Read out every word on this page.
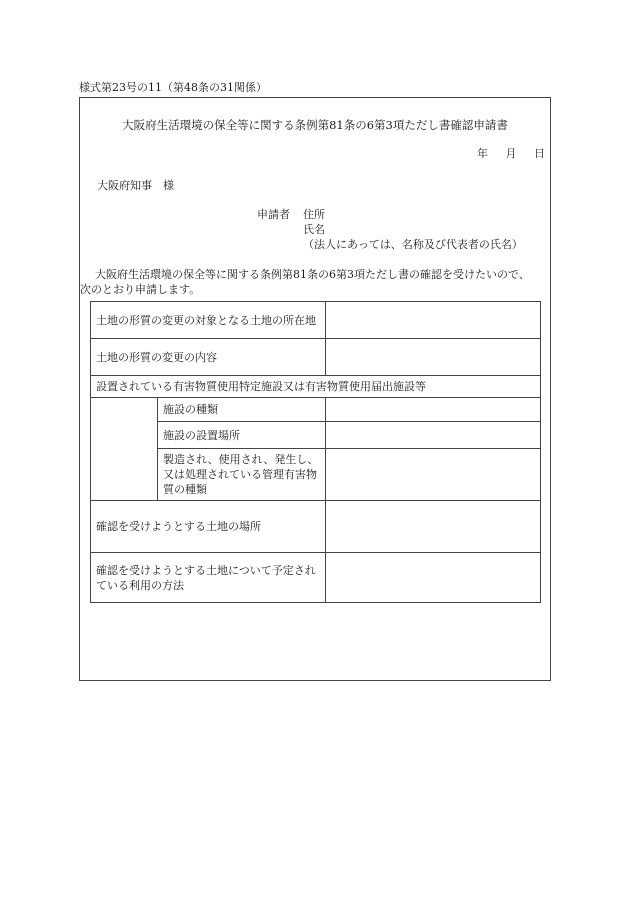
様式第23号の11（第48条の31関係）
大阪府生活環境の保全等に関する条例第81条の6第3項ただし書確認申請書
年 月 日
大阪府知事　様
申請者 住所
氏名
（法人にあっては、名称及び代表者の氏名）
大阪府生活環境の保全等に関する条例第81条の6第3項ただし書の確認を受けたいので、
次のとおり申請します。
土地の形質の変更の対象となる土地の所在地		
土地の形質の変更の内容		
設置されている有害物質使用特定施設又は有害物質使用届出施設等		
	施設の種類	
	施設の設置場所	
	製造され、使用され、発生し、又は処理されている管理有害物質の種類	
確認を受けようとする土地の場所		
確認を受けようとする土地について予定されている利用の方法		
